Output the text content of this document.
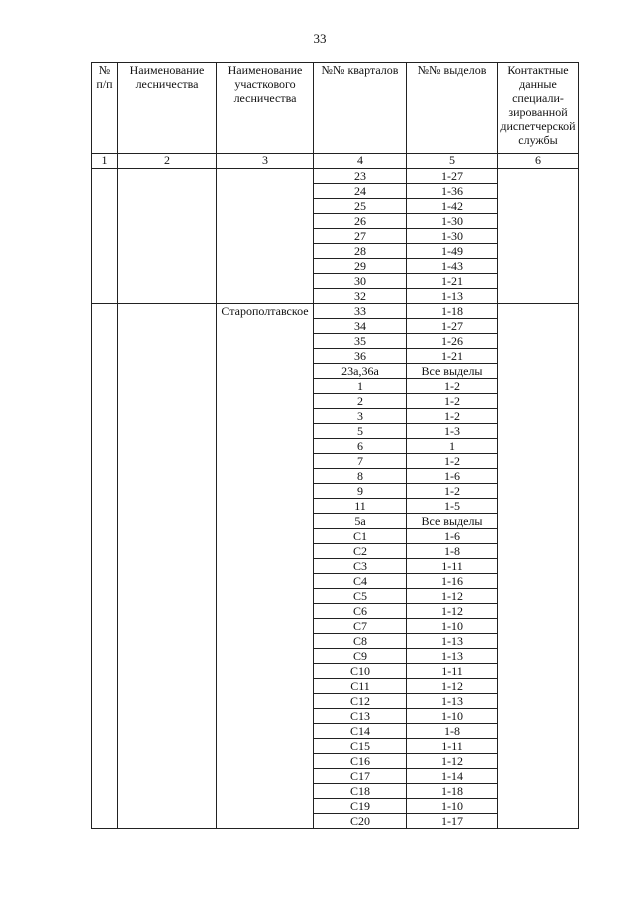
33
№ п/п	Наименование лесничества	Наименование участкового лесничества	№№ кварталов	№№ выделов	Контактные данные специали-зированной диспетчерской службы
1	2	3	4	5	6
			23	1-27	
			24	1-36	
			25	1-42	
			26	1-30	
			27	1-30	
			28	1-49	
			29	1-43	
			30	1-21	
			32	1-13	
		Старополтавское	33	1-18	
			34	1-27	
			35	1-26	
			36	1-21	
			23а,36а	Все выделы	
			1	1-2	
			2	1-2	
			3	1-2	
			5	1-3	
			6	1	
			7	1-2	
			8	1-6	
			9	1-2	
			11	1-5	
			5а	Все выделы	
			С1	1-6	
			С2	1-8	
			С3	1-11	
			С4	1-16	
			С5	1-12	
			С6	1-12	
			С7	1-10	
			С8	1-13	
			С9	1-13	
			С10	1-11	
			С11	1-12	
			С12	1-13	
			С13	1-10	
			С14	1-8	
			С15	1-11	
			С16	1-12	
			С17	1-14	
			С18	1-18	
			С19	1-10	
			С20	1-17	
